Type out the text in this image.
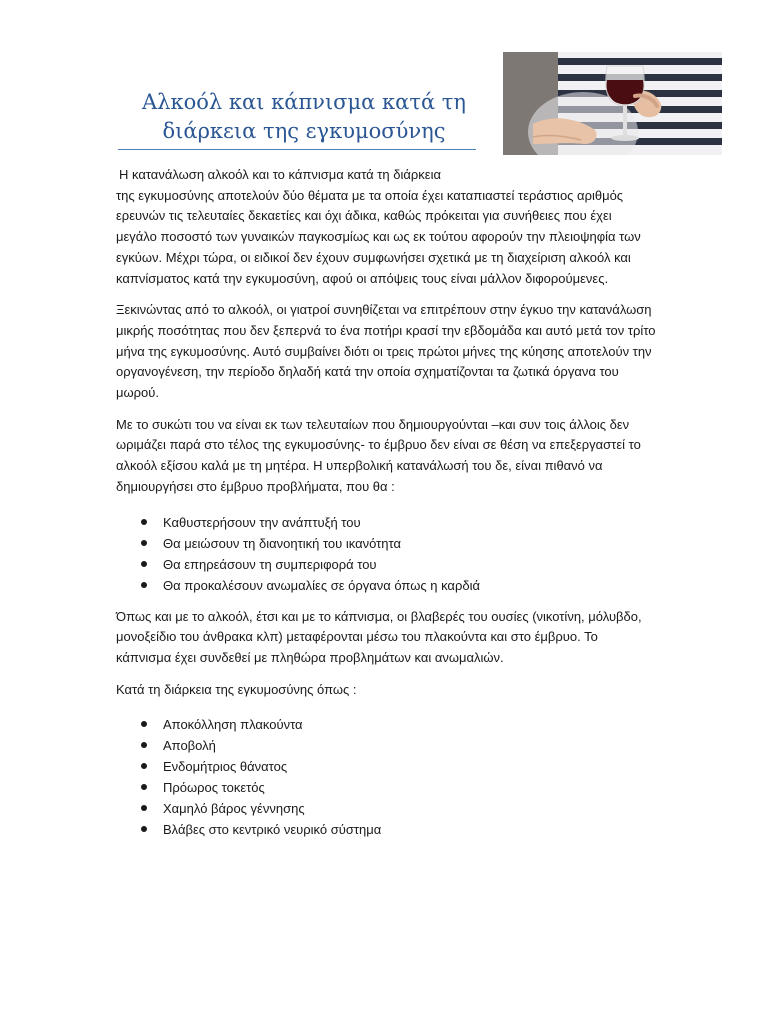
Αλκοόλ και κάπνισμα κατά τη
διάρκεια της εγκυμοσύνης

Η κατανάλωση αλκοόλ και το κάπνισμα κατά τη διάρκεια
της εγκυμοσύνης αποτελούν δύο θέματα με τα οποία έχει καταπιαστεί τεράστιος αριθμός ερευνών τις τελευταίες δεκαετίες και όχι άδικα, καθώς πρόκειται για συνήθειες που έχει μεγάλο ποσοστό των γυναικών παγκοσμίως και ως εκ τούτου αφορούν την πλειοψηφία των εγκύων. Μέχρι τώρα, οι ειδικοί δεν έχουν συμφωνήσει σχετικά με τη διαχείριση αλκοόλ και καπνίσματος κατά την εγκυμοσύνη, αφού οι απόψεις τους είναι μάλλον διφορούμενες.

Ξεκινώντας από το αλκοόλ, οι γιατροί συνηθίζεται να επιτρέπουν στην έγκυο την κατανάλωση μικρής ποσότητας που δεν ξεπερνά το ένα ποτήρι κρασί την εβδομάδα και αυτό μετά τον τρίτο μήνα της εγκυμοσύνης. Αυτό συμβαίνει διότι οι τρεις πρώτοι μήνες της κύησης αποτελούν την οργανογένεση, την περίοδο δηλαδή κατά την οποία σχηματίζονται τα ζωτικά όργανα του μωρού.

Με το συκώτι του να είναι εκ των τελευταίων που δημιουργούνται –και συν τοις άλλοις δεν ωριμάζει παρά στο τέλος της εγκυμοσύνης- το έμβρυο δεν είναι σε θέση να επεξεργαστεί το αλκοόλ εξίσου καλά με τη μητέρα. Η υπερβολική κατανάλωσή του δε, είναι πιθανό να δημιουργήσει στο έμβρυο προβλήματα, που θα :

Καθυστερήσουν την ανάπτυξή του
Θα μειώσουν τη διανοητική του ικανότητα
Θα επηρεάσουν τη συμπεριφορά του
Θα προκαλέσουν ανωμαλίες σε όργανα όπως η καρδιά

Όπως και με το αλκοόλ, έτσι και με το κάπνισμα, οι βλαβερές του ουσίες (νικοτίνη, μόλυβδο, μονοξείδιο του άνθρακα κλπ) μεταφέρονται μέσω του πλακούντα και στο έμβρυο. Το κάπνισμα έχει συνδεθεί με πληθώρα προβλημάτων και ανωμαλιών.

Κατά τη διάρκεια της εγκυμοσύνης όπως :

Αποκόλληση πλακούντα
Αποβολή
Ενδομήτριος θάνατος
Πρόωρος τοκετός
Χαμηλό βάρος γέννησης
Βλάβες στο κεντρικό νευρικό σύστημα
